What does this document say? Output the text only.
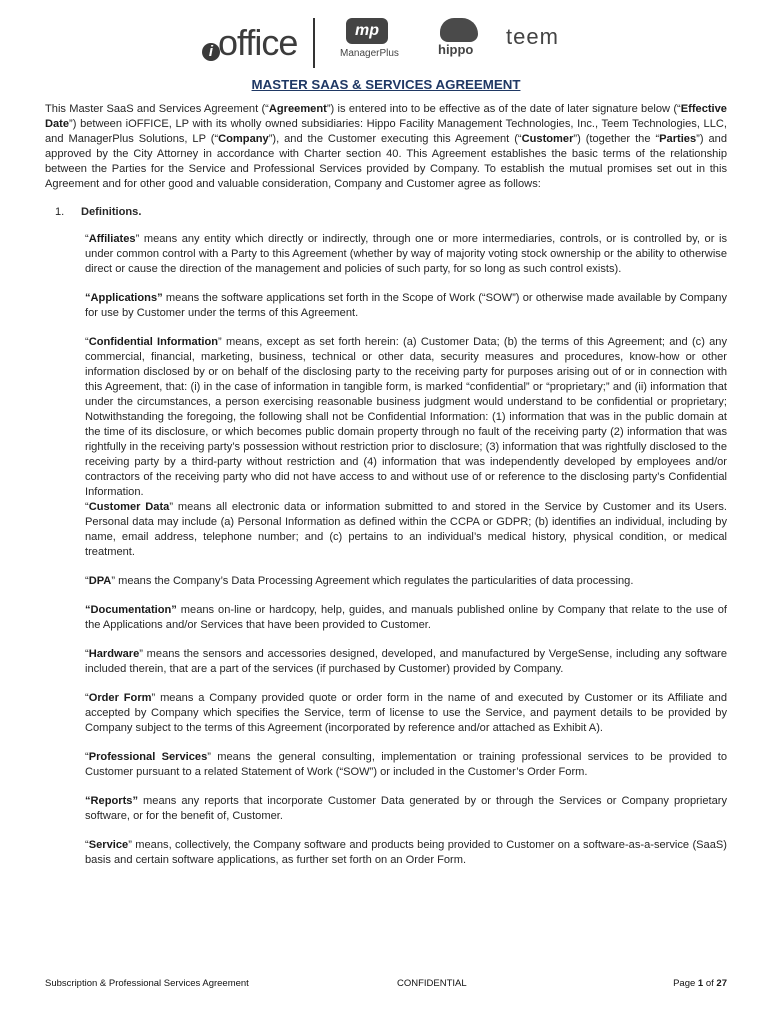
i office	mp
ManagerPlus	hippo
teem
MASTER SAAS & SERVICES AGREEMENT

This Master SaaS and Services Agreement (“Agreement”) is entered into to be effective as of the date of later signature below (“Effective Date”) between iOFFICE, LP with its wholly owned subsidiaries: Hippo Facility Management Technologies, Inc., Teem Technologies, LLC, and ManagerPlus Solutions, LP (“Company”), and the Customer executing this Agreement (“Customer”) (together the “Parties”) and approved by the City Attorney in accordance with Charter section 40. This Agreement establishes the basic terms of the relationship between the Parties for the Service and Professional Services provided by Company. To establish the mutual promises set out in this Agreement and for other good and valuable consideration, Company and Customer agree as follows:

1. Definitions.

“Affiliates” means any entity which directly or indirectly, through one or more intermediaries, controls, or is controlled by, or is under common control with a Party to this Agreement (whether by way of majority voting stock ownership or the ability to otherwise direct or cause the direction of the management and policies of such party, for so long as such control exists).

“Applications” means the software applications set forth in the Scope of Work (“SOW”) or otherwise made available by Company for use by Customer under the terms of this Agreement.

“Confidential Information” means, except as set forth herein: (a) Customer Data; (b) the terms of this Agreement; and (c) any commercial, financial, marketing, business, technical or other data, security measures and procedures, know-how or other information disclosed by or on behalf of the disclosing party to the receiving party for purposes arising out of or in connection with this Agreement, that: (i) in the case of information in tangible form, is marked “confidential” or “proprietary;” and (ii) information that under the circumstances, a person exercising reasonable business judgment would understand to be confidential or proprietary; Notwithstanding the foregoing, the following shall not be Confidential Information: (1) information that was in the public domain at the time of its disclosure, or which becomes public domain property through no fault of the receiving party (2) information that was rightfully in the receiving party’s possession without restriction prior to disclosure; (3) information that was rightfully disclosed to the receiving party by a third-party without restriction and (4) information that was independently developed by employees and/or contractors of the receiving party who did not have access to and without use of or reference to the disclosing party’s Confidential Information.

“Customer Data” means all electronic data or information submitted to and stored in the Service by Customer and its Users. Personal data may include (a) Personal Information as defined within the CCPA or GDPR; (b) identifies an individual, including by name, email address, telephone number; and (c) pertains to an individual’s medical history, physical condition, or medical treatment.

“DPA” means the Company’s Data Processing Agreement which regulates the particularities of data processing.

“Documentation” means on-line or hardcopy, help, guides, and manuals published online by Company that relate to the use of the Applications and/or Services that have been provided to Customer.

“Hardware” means the sensors and accessories designed, developed, and manufactured by VergeSense, including any software included therein, that are a part of the services (if purchased by Customer) provided by Company.

“Order Form” means a Company provided quote or order form in the name of and executed by Customer or its Affiliate and accepted by Company which specifies the Service, term of license to use the Service, and payment details to be provided by Company subject to the terms of this Agreement (incorporated by reference and/or attached as Exhibit A).

“Professional Services” means the general consulting, implementation or training professional services to be provided to Customer pursuant to a related Statement of Work (“SOW”) or included in the Customer’s Order Form.

“Reports” means any reports that incorporate Customer Data generated by or through the Services or Company proprietary software, or for the benefit of, Customer.

“Service” means, collectively, the Company software and products being provided to Customer on a software-as-a-service (SaaS) basis and certain software applications, as further set forth on an Order Form.

Subscription & Professional Services Agreement	CONFIDENTIAL	Page 1 of 27
